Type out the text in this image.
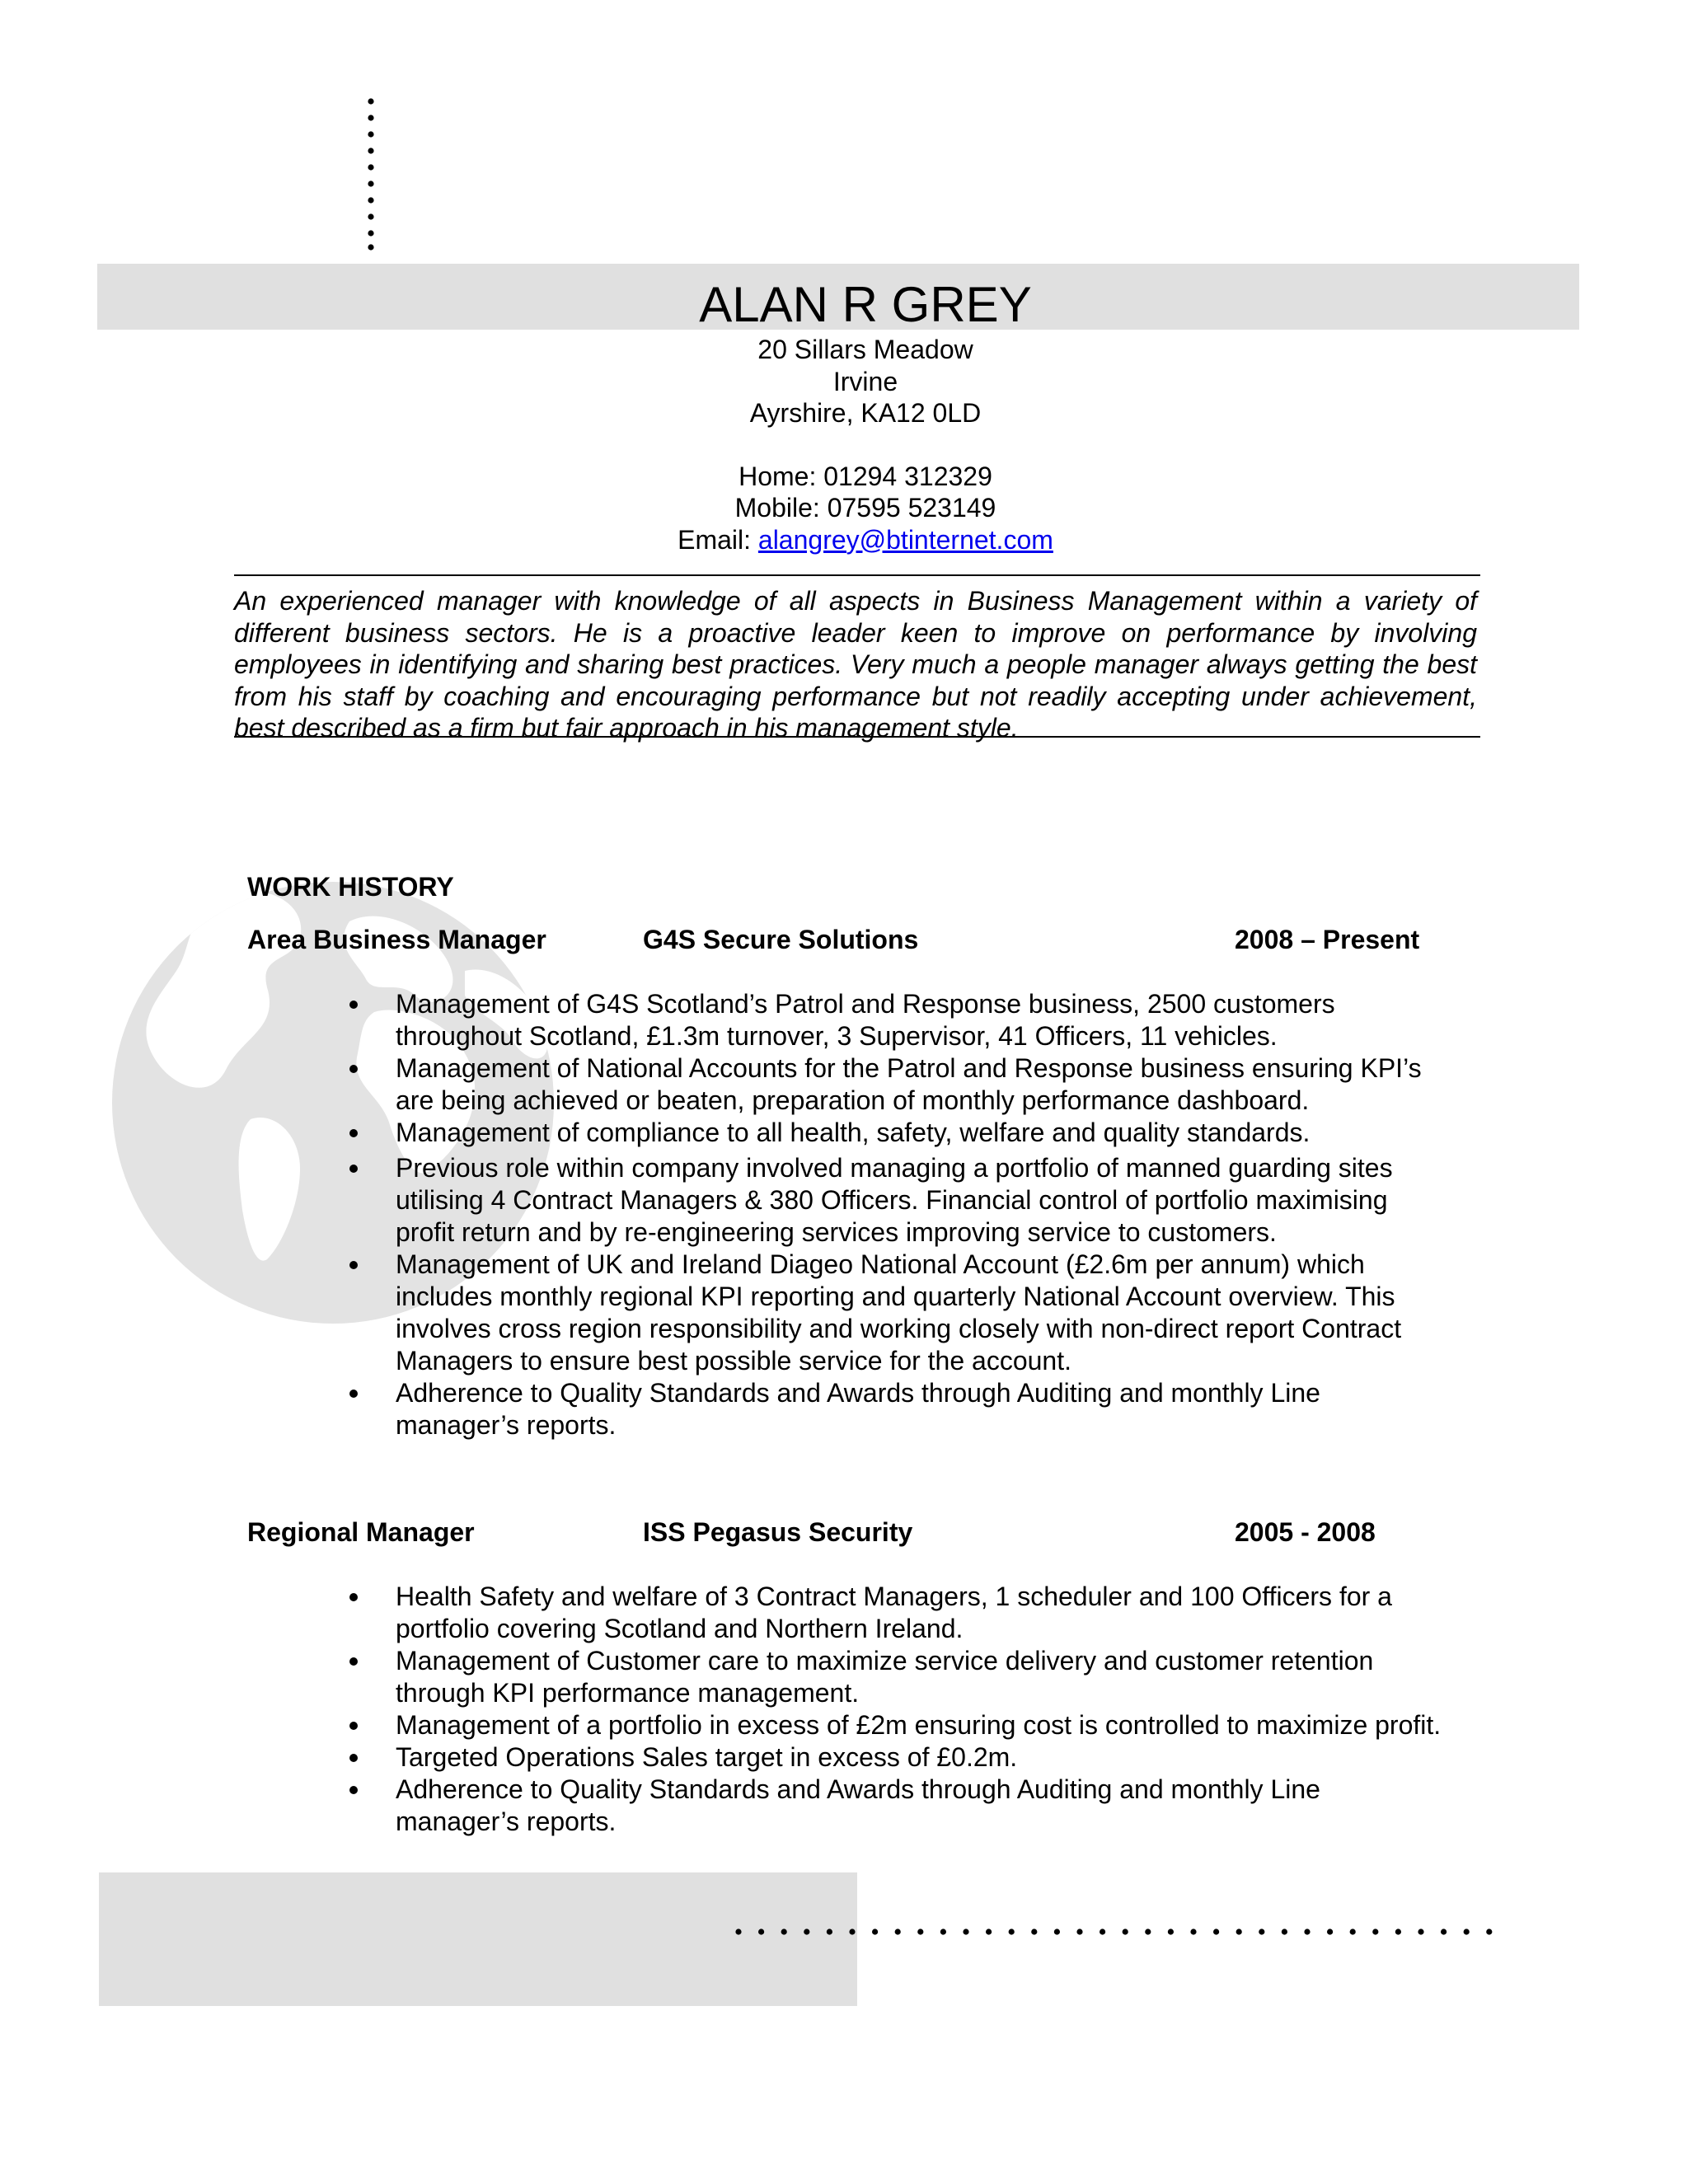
ALAN R GREY
20 Sillars Meadow
Irvine
Ayrshire, KA12 0LD
Home: 01294 312329
Mobile: 07595 523149
Email: alangrey@btinternet.com
An experienced manager with knowledge of all aspects in Business Management within a variety of different business sectors. He is a proactive leader keen to improve on performance by involving employees in identifying and sharing best practices. Very much a people manager always getting the best from his staff by coaching and encouraging performance but not readily accepting under achievement, best described as a firm but fair approach in his management style.
WORK HISTORY
Area Business Manager	G4S Secure Solutions	2008 – Present
Management of G4S Scotland’s Patrol and Response business, 2500 customers throughout Scotland, £1.3m turnover, 3 Supervisor, 41 Officers, 11 vehicles.
Management of National Accounts for the Patrol and Response business ensuring KPI’s are being achieved or beaten, preparation of monthly performance dashboard.
Management of compliance to all health, safety, welfare and quality standards.
Previous role within company involved managing a portfolio of manned guarding sites utilising 4 Contract Managers & 380 Officers. Financial control of portfolio maximising profit return and by re-engineering services improving service to customers.
Management of UK and Ireland Diageo National Account (£2.6m per annum) which includes monthly regional KPI reporting and quarterly National Account overview. This involves cross region responsibility and working closely with non-direct report Contract Managers to ensure best possible service for the account.
Adherence to Quality Standards and Awards through Auditing and monthly Line manager’s reports.
Regional Manager	ISS Pegasus Security	2005 - 2008
Health Safety and welfare of 3 Contract Managers, 1 scheduler and 100 Officers for a portfolio covering Scotland and Northern Ireland.
Management of Customer care to maximize service delivery and customer retention through KPI performance management.
Management of a portfolio in excess of £2m ensuring cost is controlled to maximize profit.
Targeted Operations Sales target in excess of £0.2m.
Adherence to Quality Standards and Awards through Auditing and monthly Line manager’s reports.
